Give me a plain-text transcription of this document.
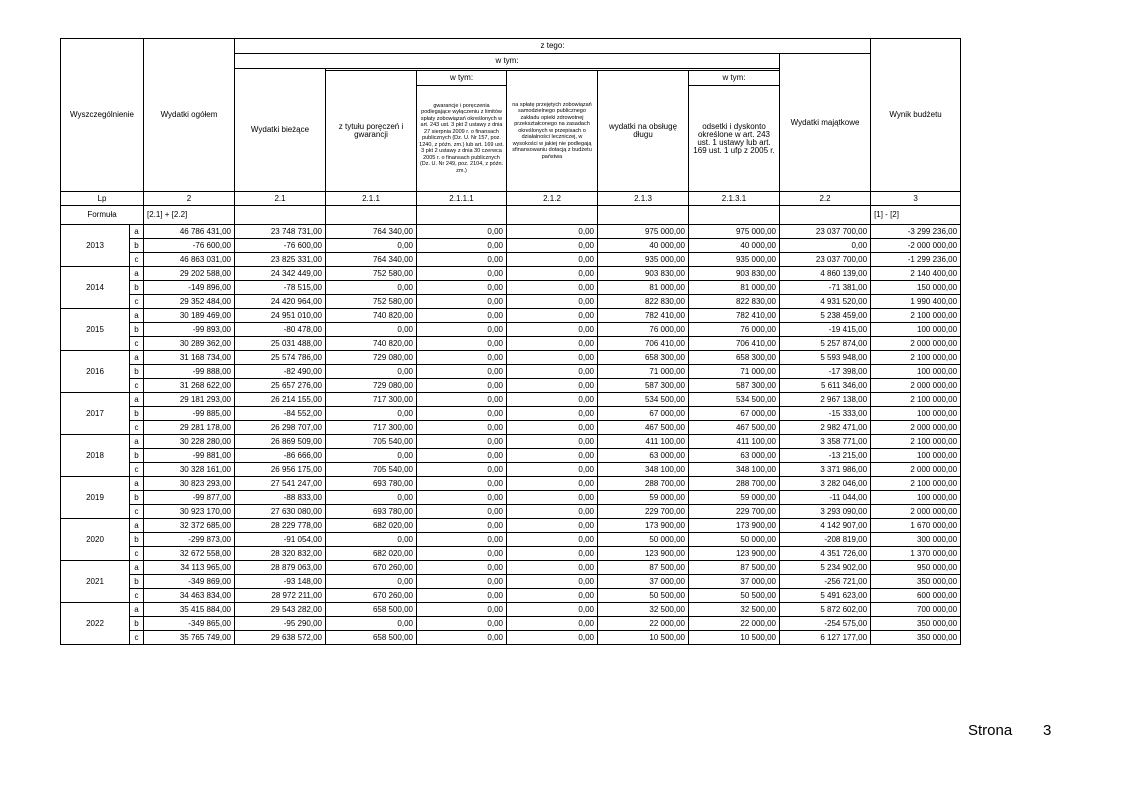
Wyszczególnienie		Wydatki ogółem	z tego:							Wynik budżetu
			w tym:						Wydatki majątkowe	
			Wydatki bieżące							
				z tytułu poręczeń i gwarancji	w tym:	na spłatę przejętych zobowiązań samodzielnego publicznego zakładu opieki zdrowotnej przekształconego na zasadach określonych w przepisach o działalności leczniczej, w wysokości w jakiej nie podlegają sfinansowaniu dotacją z budżetu państwa	wydatki na obsługę długu	w tym:		
					gwarancje i poręczenia podlegające wyłączeniu z limitów spłaty zobowiązań określonych w art. 243 ust. 3 pkt 2 ustawy z dnia 27 sierpnia 2009 r. o finansach publicznych (Dz. U. Nr 157, poz. 1240, z późn. zm.) lub art. 169 ust. 3 pkt 2 ustawy z dnia 30 czerwca 2005 r. o finansach publicznych (Dz. U. Nr 249, poz. 2104, z późn. zm.)			odsetki i dyskonto określone w art. 243 ust. 1 ustawy lub art. 169 ust. 1 ufp z 2005 r.		
Lp		2	2.1	2.1.1	2.1.1.1	2.1.2	2.1.3	2.1.3.1	2.2	3
Formuła		[2.1] + [2.2]								[1] - [2]
2013	a	46 786 431,00	23 748 731,00	764 340,00	0,00	0,00	975 000,00	975 000,00	23 037 700,00	-3 299 236,00
	b	-76 600,00	-76 600,00	0,00	0,00	0,00	40 000,00	40 000,00	0,00	-2 000 000,00
	c	46 863 031,00	23 825 331,00	764 340,00	0,00	0,00	935 000,00	935 000,00	23 037 700,00	-1 299 236,00
2014	a	29 202 588,00	24 342 449,00	752 580,00	0,00	0,00	903 830,00	903 830,00	4 860 139,00	2 140 400,00
	b	-149 896,00	-78 515,00	0,00	0,00	0,00	81 000,00	81 000,00	-71 381,00	150 000,00
	c	29 352 484,00	24 420 964,00	752 580,00	0,00	0,00	822 830,00	822 830,00	4 931 520,00	1 990 400,00
2015	a	30 189 469,00	24 951 010,00	740 820,00	0,00	0,00	782 410,00	782 410,00	5 238 459,00	2 100 000,00
	b	-99 893,00	-80 478,00	0,00	0,00	0,00	76 000,00	76 000,00	-19 415,00	100 000,00
	c	30 289 362,00	25 031 488,00	740 820,00	0,00	0,00	706 410,00	706 410,00	5 257 874,00	2 000 000,00
2016	a	31 168 734,00	25 574 786,00	729 080,00	0,00	0,00	658 300,00	658 300,00	5 593 948,00	2 100 000,00
	b	-99 888,00	-82 490,00	0,00	0,00	0,00	71 000,00	71 000,00	-17 398,00	100 000,00
	c	31 268 622,00	25 657 276,00	729 080,00	0,00	0,00	587 300,00	587 300,00	5 611 346,00	2 000 000,00
2017	a	29 181 293,00	26 214 155,00	717 300,00	0,00	0,00	534 500,00	534 500,00	2 967 138,00	2 100 000,00
	b	-99 885,00	-84 552,00	0,00	0,00	0,00	67 000,00	67 000,00	-15 333,00	100 000,00
	c	29 281 178,00	26 298 707,00	717 300,00	0,00	0,00	467 500,00	467 500,00	2 982 471,00	2 000 000,00
2018	a	30 228 280,00	26 869 509,00	705 540,00	0,00	0,00	411 100,00	411 100,00	3 358 771,00	2 100 000,00
	b	-99 881,00	-86 666,00	0,00	0,00	0,00	63 000,00	63 000,00	-13 215,00	100 000,00
	c	30 328 161,00	26 956 175,00	705 540,00	0,00	0,00	348 100,00	348 100,00	3 371 986,00	2 000 000,00
2019	a	30 823 293,00	27 541 247,00	693 780,00	0,00	0,00	288 700,00	288 700,00	3 282 046,00	2 100 000,00
	b	-99 877,00	-88 833,00	0,00	0,00	0,00	59 000,00	59 000,00	-11 044,00	100 000,00
	c	30 923 170,00	27 630 080,00	693 780,00	0,00	0,00	229 700,00	229 700,00	3 293 090,00	2 000 000,00
2020	a	32 372 685,00	28 229 778,00	682 020,00	0,00	0,00	173 900,00	173 900,00	4 142 907,00	1 670 000,00
	b	-299 873,00	-91 054,00	0,00	0,00	0,00	50 000,00	50 000,00	-208 819,00	300 000,00
	c	32 672 558,00	28 320 832,00	682 020,00	0,00	0,00	123 900,00	123 900,00	4 351 726,00	1 370 000,00
2021	a	34 113 965,00	28 879 063,00	670 260,00	0,00	0,00	87 500,00	87 500,00	5 234 902,00	950 000,00
	b	-349 869,00	-93 148,00	0,00	0,00	0,00	37 000,00	37 000,00	-256 721,00	350 000,00
	c	34 463 834,00	28 972 211,00	670 260,00	0,00	0,00	50 500,00	50 500,00	5 491 623,00	600 000,00
2022	a	35 415 884,00	29 543 282,00	658 500,00	0,00	0,00	32 500,00	32 500,00	5 872 602,00	700 000,00
	b	-349 865,00	-95 290,00	0,00	0,00	0,00	22 000,00	22 000,00	-254 575,00	350 000,00
	c	35 765 749,00	29 638 572,00	658 500,00	0,00	0,00	10 500,00	10 500,00	6 127 177,00	350 000,00
Strona 3
